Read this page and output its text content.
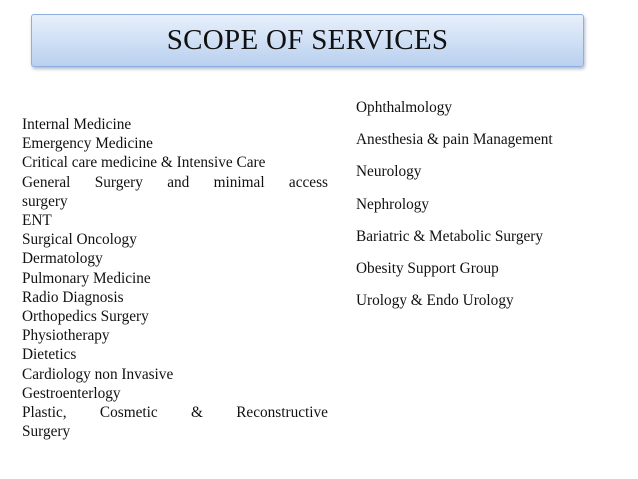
SCOPE OF SERVICES
Internal Medicine
Emergency Medicine
Critical care medicine & Intensive Care
General Surgery and minimal access
surgery
ENT
Surgical Oncology
Dermatology
Pulmonary Medicine
Radio Diagnosis
Orthopedics Surgery
Physiotherapy
Dietetics
Cardiology non Invasive
Gestroenterlogy
Plastic, Cosmetic & Reconstructive
Surgery
Ophthalmology
Anesthesia & pain Management
Neurology
Nephrology
Bariatric & Metabolic Surgery
Obesity Support Group
Urology & Endo Urology
